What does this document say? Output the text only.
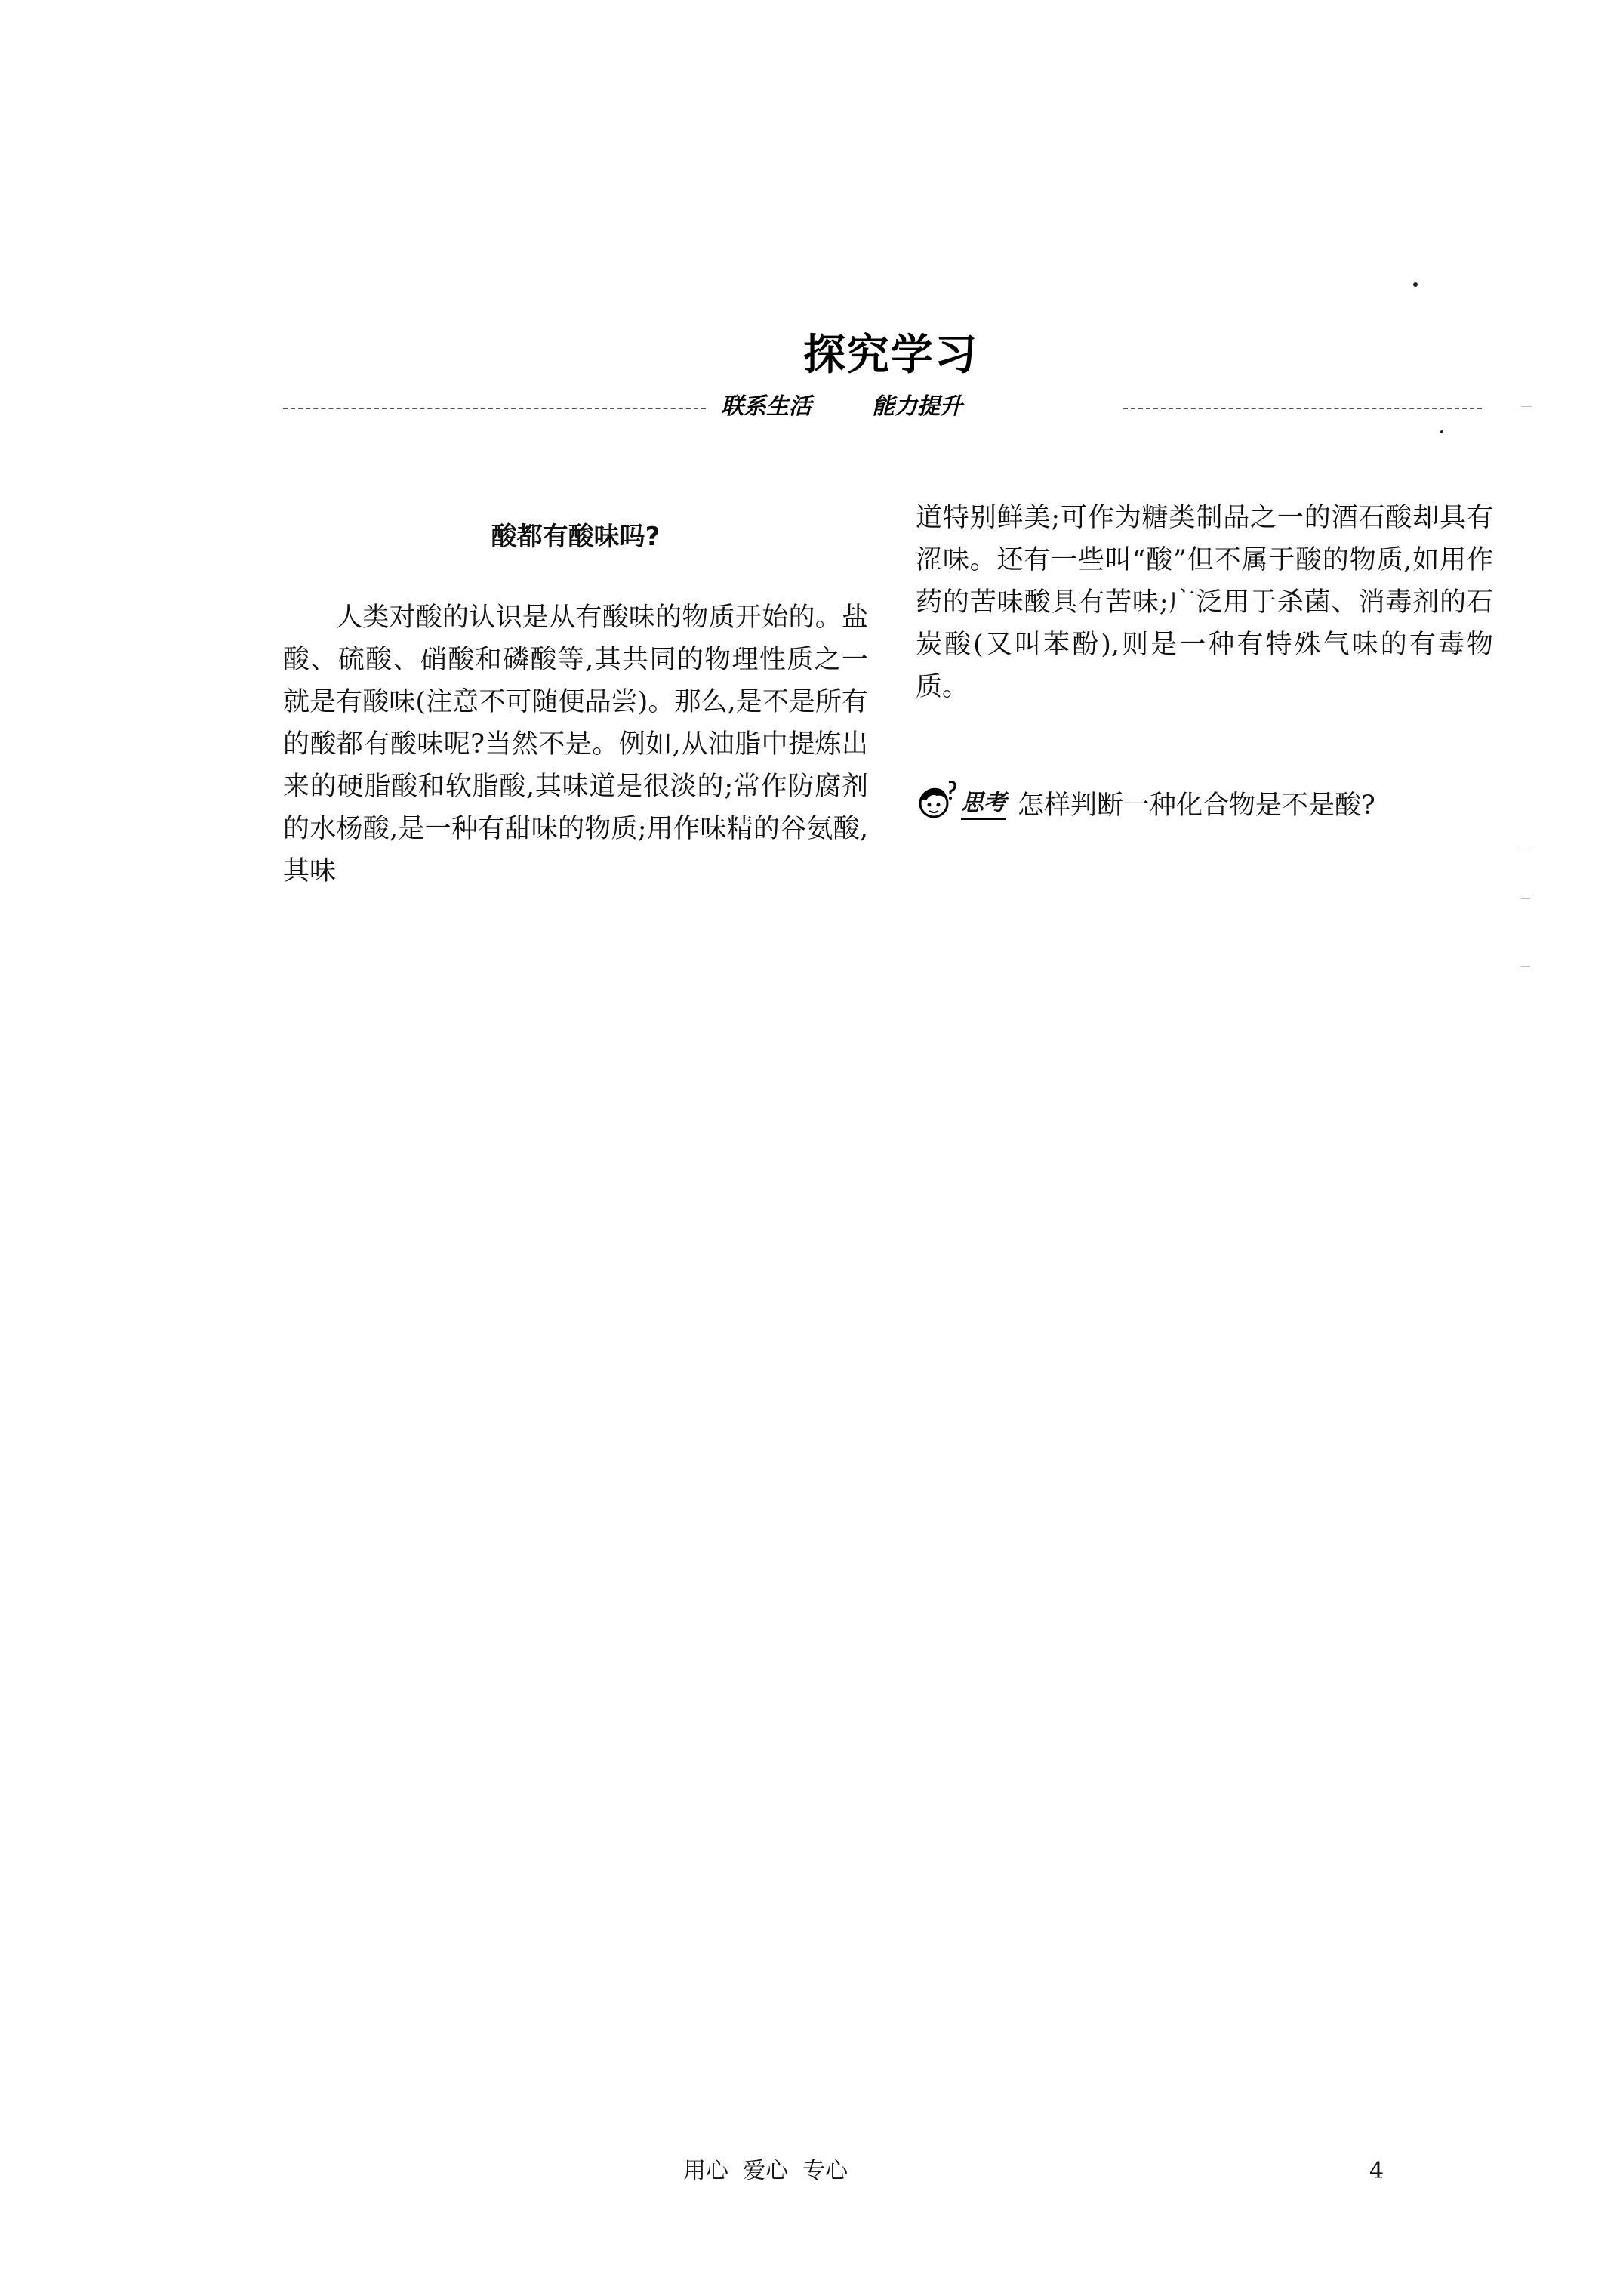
探究学习
联系生活	能力提升
酸都有酸味吗?

人类对酸的认识是从有酸味的物质开始的。盐酸、硫酸、硝酸和磷酸等,其共同的物理性质之一就是有酸味(注意不可随便品尝)。那么,是不是所有的酸都有酸味呢?当然不是。例如,从油脂中提炼出来的硬脂酸和软脂酸,其味道是很淡的;常作防腐剂的水杨酸,是一种有甜味的物质;用作味精的谷氨酸,其味

道特别鲜美;可作为糖类制品之一的酒石酸却具有涩味。还有一些叫“酸”但不属于酸的物质,如用作药的苦味酸具有苦味;广泛用于杀菌、消毒剂的石炭酸(又叫苯酚),则是一种有特殊气味的有毒物质。

思考 怎样判断一种化合物是不是酸?
用心  爱心  专心	4
